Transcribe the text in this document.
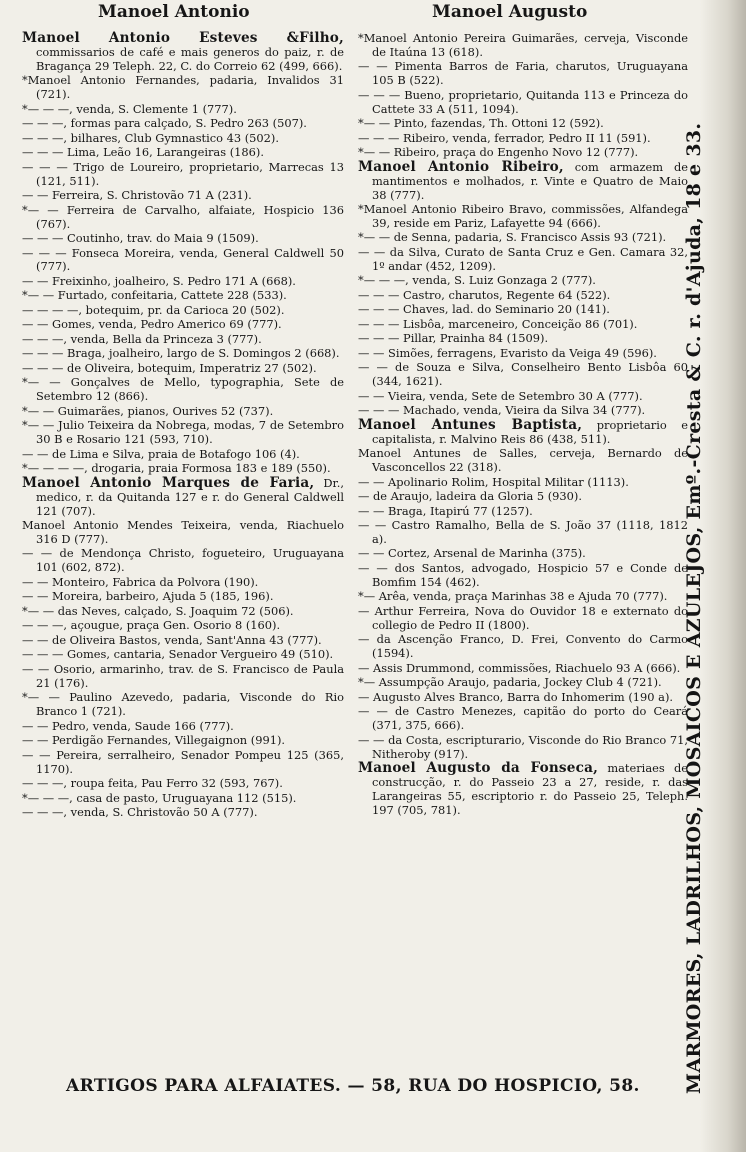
Manoel Antonio	Manoel Augusto

Manoel Antonio Esteves &Filho, commissarios de café e mais generos do paiz, r. de Bragança 29 Teleph. 22, C. do Correio 62 (499, 666).

*Manoel Antonio Fernandes, padaria, Invalidos 31 (721).

*— — —, venda, S. Clemente 1 (777).

— — —, formas para calçado, S. Pedro 263 (507).

— — —, bilhares, Club Gymnastico 43 (502).

— — — Lima, Leão 16, Larangeiras (186).

— — — Trigo de Loureiro, proprietario, Marrecas 13 (121, 511).

— — Ferreira, S. Christovão 71 A (231).

*— — Ferreira de Carvalho, alfaiate, Hospicio 136 (767).

— — — Coutinho, trav. do Maia 9 (1509).

— — — Fonseca Moreira, venda, General Caldwell 50 (777).

— — Freixinho, joalheiro, S. Pedro 171 A (668).

*— — Furtado, confeitaria, Cattete 228 (533).

— — — —, botequim, pr. da Carioca 20 (502).

— — Gomes, venda, Pedro Americo 69 (777).

— — —, venda, Bella da Princeza 3 (777).

— — — Braga, joalheiro, largo de S. Domingos 2 (668).

— — — de Oliveira, botequim, Imperatriz 27 (502).

*— — Gonçalves de Mello, typographia, Sete de Setembro 12 (866).

*— — Guimarães, pianos, Ourives 52 (737).

*— — Julio Teixeira da Nobrega, modas, 7 de Setembro 30 B e Rosario 121 (593, 710).

— — de Lima e Silva, praia de Botafogo 106 (4).

*— — — —, drogaria, praia Formosa 183 e 189 (550).

Manoel Antonio Marques de Faria, Dr., medico, r. da Quitanda 127 e r. do General Caldwell 121 (707).

Manoel Antonio Mendes Teixeira, venda, Riachuelo 316 D (777).

— — de Mendonça Christo, fogueteiro, Uruguayana 101 (602, 872).

— — Monteiro, Fabrica da Polvora (190).

— — Moreira, barbeiro, Ajuda 5 (185, 196).

*— — das Neves, calçado, S. Joaquim 72 (506).

— — —, açougue, praça Gen. Osorio 8 (160).

— — de Oliveira Bastos, venda, Sant'Anna 43 (777).

— — — Gomes, cantaria, Senador Vergueiro 49 (510).

— — Osorio, armarinho, trav. de S. Francisco de Paula 21 (176).

*— — Paulino Azevedo, padaria, Visconde do Rio Branco 1 (721).

— — Pedro, venda, Saude 166 (777).

— — Perdigão Fernandes, Villegaignon (991).

— — Pereira, serralheiro, Senador Pompeu 125 (365, 1170).

— — —, roupa feita, Pau Ferro 32 (593, 767).

*— — —, casa de pasto, Uruguayana 112 (515).

— — —, venda, S. Christovão 50 A (777).

*Manoel Antonio Pereira Guimarães, cerveja, Visconde de Itaúna 13 (618).

— — Pimenta Barros de Faria, charutos, Uruguayana 105 B (522).

— — — Bueno, proprietario, Quitanda 113 e Princeza do Cattete 33 A (511, 1094).

*— — Pinto, fazendas, Th. Ottoni 12 (592).

— — — Ribeiro, venda, ferrador, Pedro II 11 (591).

*— — Ribeiro, praça do Engenho Novo 12 (777).

Manoel Antonio Ribeiro, com armazem de mantimentos e molhados, r. Vinte e Quatro de Maio 38 (777).

*Manoel Antonio Ribeiro Bravo, commissões, Alfandega 39, reside em Pariz, Lafayette 94 (666).

*— — de Senna, padaria, S. Francisco Assis 93 (721).

— — da Silva, Curato de Santa Cruz e Gen. Camara 32, 1º andar (452, 1209).

*— — —, venda, S. Luiz Gonzaga 2 (777).

— — — Castro, charutos, Regente 64 (522).

— — — Chaves, lad. do Seminario 20 (141).

— — — Lisbôa, marceneiro, Conceição 86 (701).

— — — Pillar, Prainha 84 (1509).

— — Simões, ferragens, Evaristo da Veiga 49 (596).

— — de Souza e Silva, Conselheiro Bento Lisbôa 60 (344, 1621).

— — Vieira, venda, Sete de Setembro 30 A (777).

— — — Machado, venda, Vieira da Silva 34 (777).

Manoel Antunes Baptista, proprietario e capitalista, r. Malvino Reis 86 (438, 511).

Manoel Antunes de Salles, cerveja, Bernardo de Vasconcellos 22 (318).

— — Apolinario Rolim, Hospital Militar (1113).

— de Araujo, ladeira da Gloria 5 (930).

— — Braga, Itapirú 77 (1257).

— — Castro Ramalho, Bella de S. João 37 (1118, 1812 a).

— — Cortez, Arsenal de Marinha (375).

— — dos Santos, advogado, Hospicio 57 e Conde de Bomfim 154 (462).

*— Arêa, venda, praça Marinhas 38 e Ajuda 70 (777).

— Arthur Ferreira, Nova do Ouvidor 18 e externato do collegio de Pedro II (1800).

— da Ascenção Franco, D. Frei, Convento do Carmo (1594).

— Assis Drummond, commissões, Riachuelo 93 A (666).

*— Assumpção Araujo, padaria, Jockey Club 4 (721).

— Augusto Alves Branco, Barra do Inhomerim (190 a).

— — de Castro Menezes, capitão do porto do Ceará (371, 375, 666).

— — da Costa, escripturario, Visconde do Rio Branco 71, Nitheroby (917).

Manoel Augusto da Fonseca, materiaes de construcção, r. do Passeio 23 a 27, reside, r. das Larangeiras 55, escriptorio r. do Passeio 25, Teleph. 197 (705, 781).	MARMORES, LADRILHOS, MOSAICOS E AZULEJOS, Emº.-Cresta & C. r. d'Ajuda, 18 e 33.
ARTIGOS PARA ALFAIATES. — 58, RUA DO HOSPICIO, 58.
